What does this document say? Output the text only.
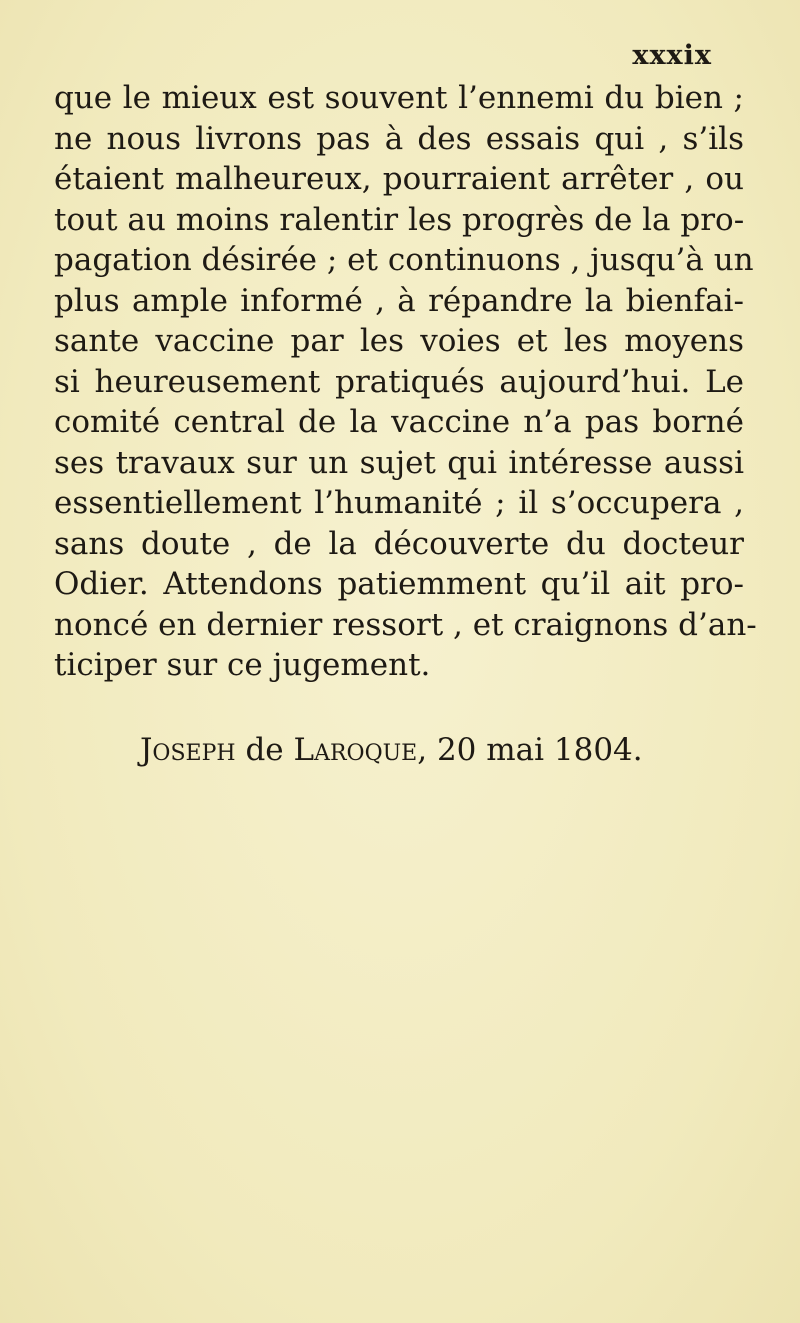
xxxix
que le mieux est souvent l’ennemi du bien ;
ne nous livrons pas à des essais qui , s’ils
étaient malheureux, pourraient arrêter , ou
tout au moins ralentir les progrès de la pro-
pagation désirée ; et continuons , jusqu’à un
plus ample informé , à répandre la bienfai-
sante vaccine par les voies et les moyens
si heureusement pratiqués aujourd’hui. Le
comité central de la vaccine n’a pas borné
ses travaux sur un sujet qui intéresse aussi
essentiellement l’humanité ; il s’occupera ,
sans doute , de la découverte du docteur
Odier. Attendons patiemment qu’il ait pro-
noncé en dernier ressort , et craignons d’an-
ticiper sur ce jugement.
Joseph de Laroque, 20 mai 1804.
